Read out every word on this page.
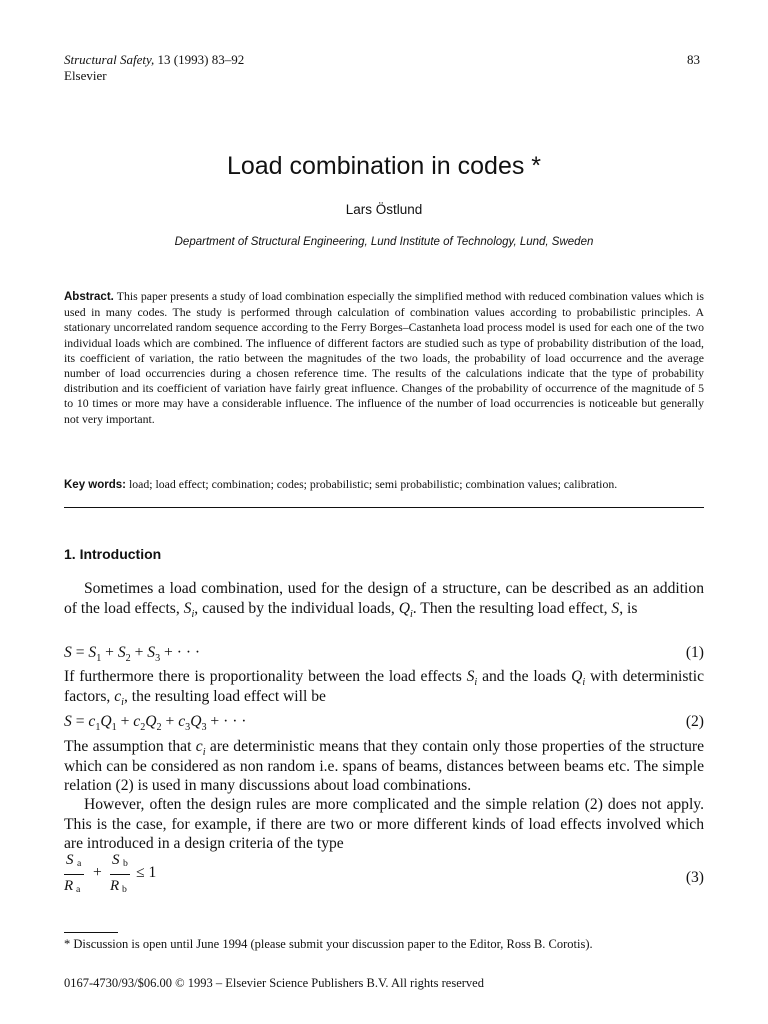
Structural Safety, 13 (1993) 83–92
Elsevier
83
Load combination in codes *
Lars Östlund
Department of Structural Engineering, Lund Institute of Technology, Lund, Sweden
Abstract. This paper presents a study of load combination especially the simplified method with reduced combination values which is used in many codes. The study is performed through calculation of combination values according to probabilistic principles. A stationary uncorrelated random sequence according to the Ferry Borges–Castanheta load process model is used for each one of the two individual loads which are combined. The influence of different factors are studied such as type of probability distribution of the load, its coefficient of variation, the ratio between the magnitudes of the two loads, the probability of load occurrence and the average number of load occurrencies during a chosen reference time. The results of the calculations indicate that the type of probability distribution and its coefficient of variation have fairly great influence. Changes of the probability of occurrence of the magnitude of 5 to 10 times or more may have a considerable influence. The influence of the number of load occurrencies is noticeable but generally not very important.
Key words: load; load effect; combination; codes; probabilistic; semi probabilistic; combination values; calibration.
1. Introduction
Sometimes a load combination, used for the design of a structure, can be described as an addition of the load effects, $S_i$, caused by the individual loads, $Q_i$. Then the resulting load effect, S, is
$S = S_1 + S_2 + S_3$ + · · ·	(1)
If furthermore there is proportionality between the load effects $S_i$ and the loads $Q_i$ with deterministic factors, $c_i$, the resulting load effect will be
$S = c_1Q_1 + c_2Q_2 + c_3Q_3$ + · · ·	(2)
The assumption that $c_i$ are deterministic means that they contain only those properties of the structure which can be considered as non random i.e. spans of beams, distances between beams etc. The simple relation (2) is used in many discussions about load combinations.
However, often the design rules are more complicated and the simple relation (2) does not apply. This is the case, for example, if there are two or more different kinds of load effects involved which are introduced in a design criteria of the type
S a
R a
+
S b
R b
≤ 1	(3)
* Discussion is open until June 1994 (please submit your discussion paper to the Editor, Ross B. Corotis).
0167-4730/93/$06.00 © 1993 – Elsevier Science Publishers B.V. All rights reserved
